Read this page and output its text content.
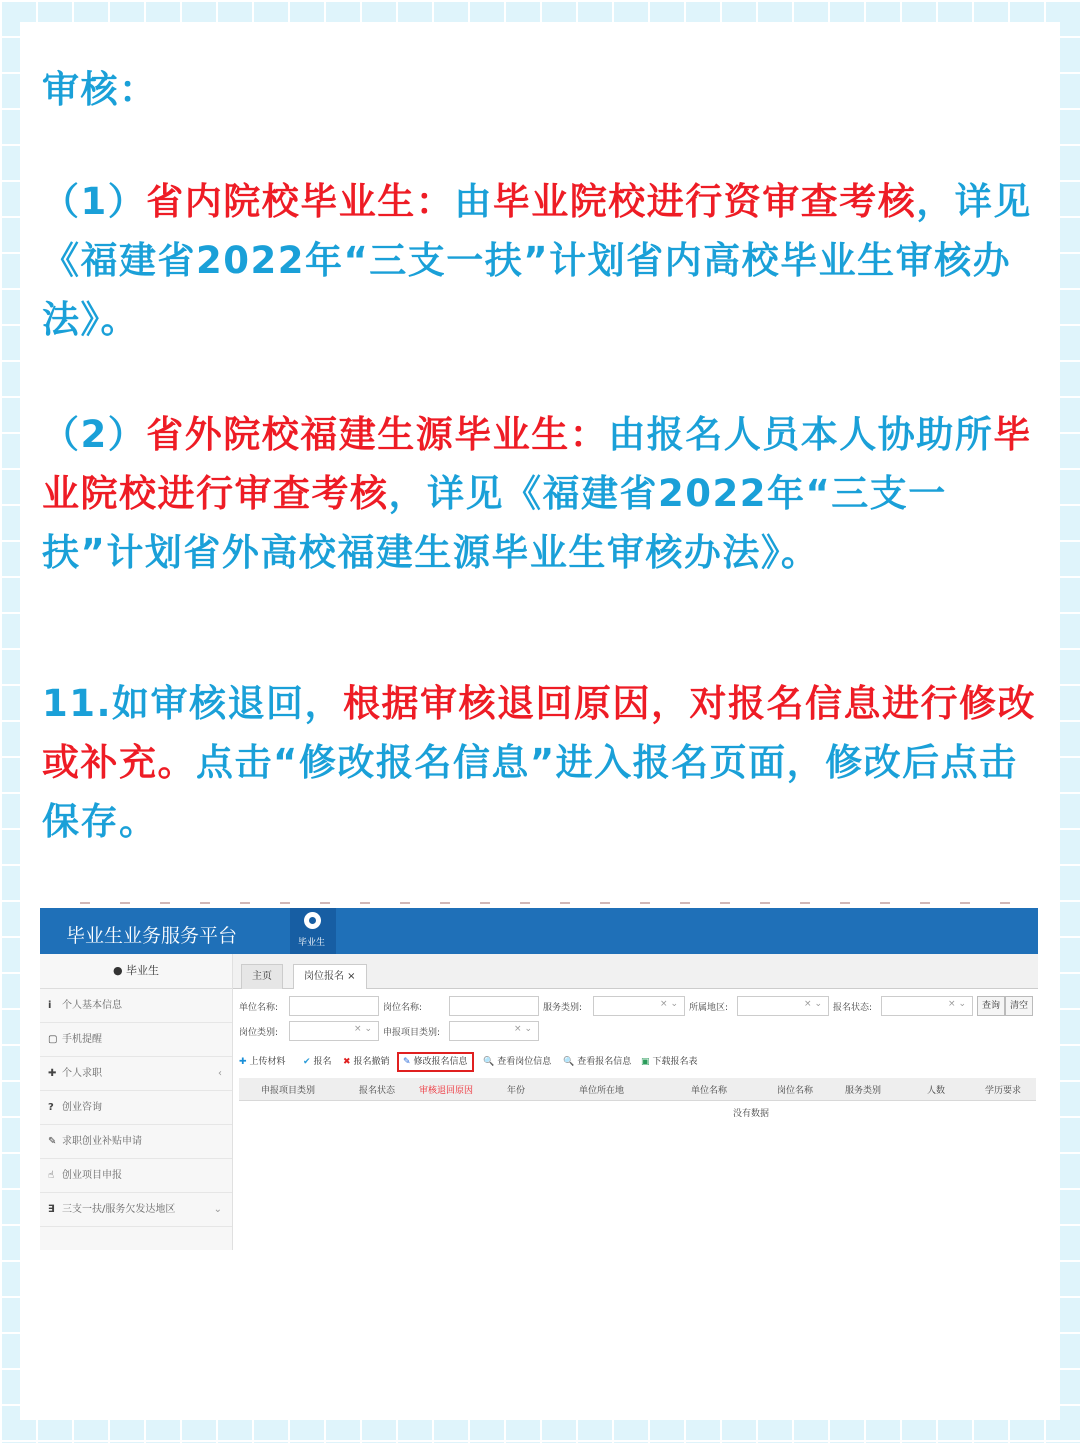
审核：
（1）省内院校毕业生：由毕业院校进行资审查考核，详见《福建省2022年“三支一扶”计划省内高校毕业生审核办法》。
（2）省外院校福建生源毕业生：由报名人员本人协助所毕业院校进行审查考核，详见《福建省2022年“三支一扶”计划省外高校福建生源毕业生审核办法》。
11.如审核退回，根据审核退回原因，对报名信息进行修改或补充。点击“修改报名信息”进入报名页面，修改后点击保存。
毕业生业务服务平台	毕业生
● 毕业生
i 个人基本信息
▢ 手机提醒
✚ 个人求职	‹
? 创业咨询
✎ 求职创业补贴申请
☝ 创业项目申报
∃ 三支一扶/服务欠发达地区	⌄
主页	岗位报名 ×
单位名称:	岗位名称:	服务类别:	× ⌄ 所属地区:	× ⌄ 报名状态:	× ⌄	查询	清空
岗位类别:	× ⌄ 申报项目类别:	× ⌄
✚ 上传材料 ✔ 报名 ✖ 报名撤销	✎ 修改报名信息	🔍 查看岗位信息 🔍 查看报名信息 ▣ 下载报名表
申报项目类别	报名状态	审核退回原因	年份	单位所在地	单位名称	岗位名称	服务类别	人数	学历要求
没有数据
